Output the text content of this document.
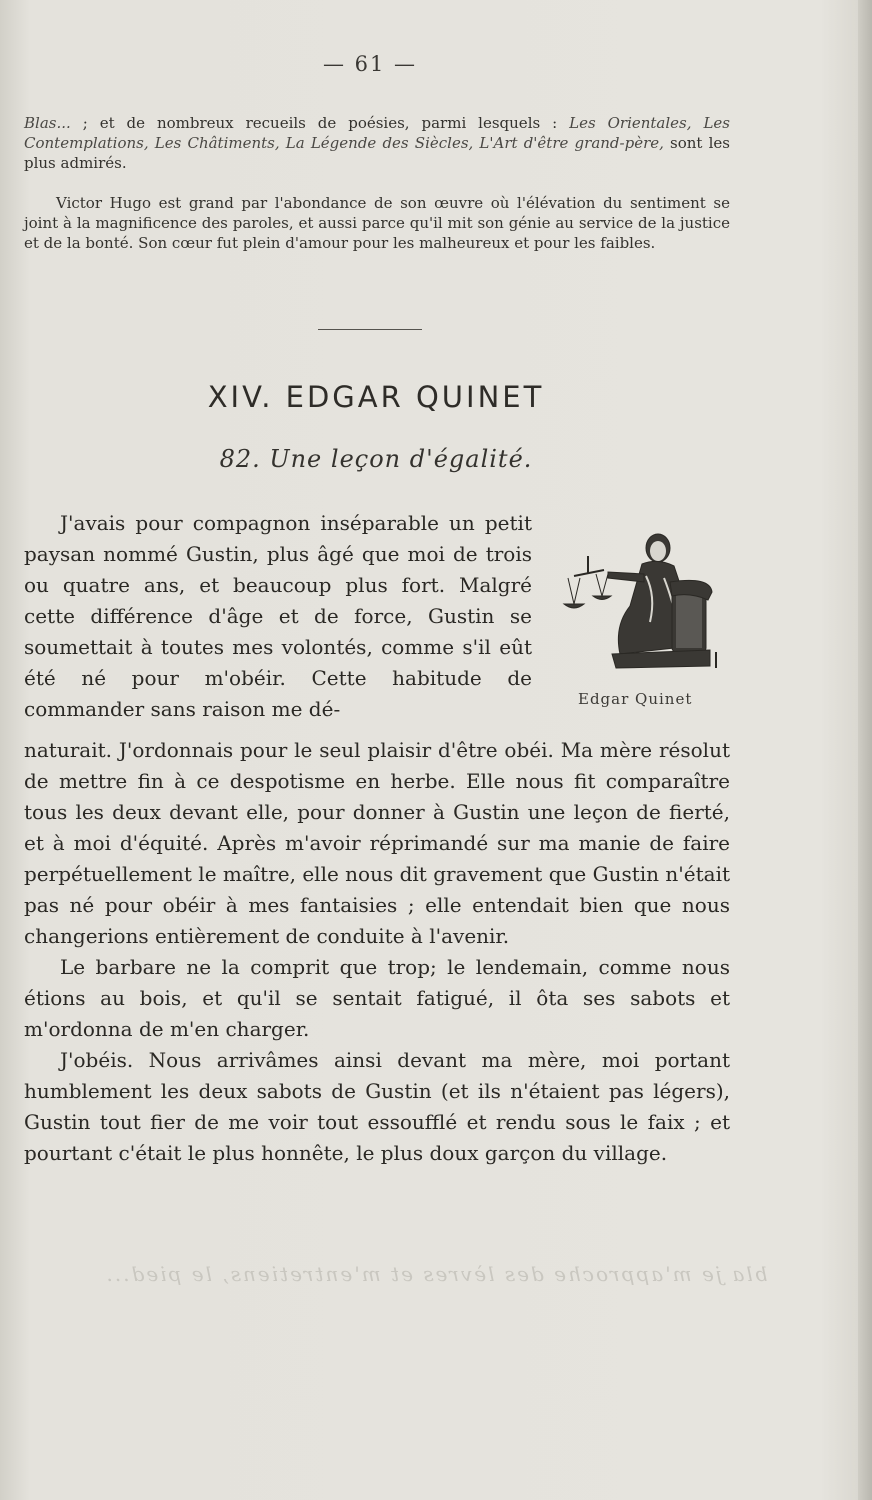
— 61 —
Blas... ; et de nombreux recueils de poésies, parmi lesquels : Les Orientales, Les Contemplations, Les Châtiments, La Légende des Siècles, L'Art d'être grand-père, sont les plus admirés.
Victor Hugo est grand par l'abondance de son œuvre où l'élévation du sentiment se joint à la magnificence des paroles, et aussi parce qu'il mit son génie au service de la justice et de la bonté. Son cœur fut plein d'amour pour les malheureux et pour les faibles.
XIV. EDGAR QUINET
82. Une leçon d'égalité.

J'avais pour compagnon inséparable un petit paysan nommé Gustin, plus âgé que moi de trois ou quatre ans, et beaucoup plus fort. Malgré cette différence d'âge et de force, Gustin se soumettait à toutes mes volontés, comme s'il eût été né pour m'obéir. Cette habitude de commander sans raison me dé-	Edgar Quinet

naturait. J'ordonnais pour le seul plaisir d'être obéi. Ma mère résolut de mettre fin à ce despotisme en herbe. Elle nous fit comparaître tous les deux devant elle, pour donner à Gustin une leçon de fierté, et à moi d'équité. Après m'avoir réprimandé sur ma manie de faire perpétuellement le maître, elle nous dit gravement que Gustin n'était pas né pour obéir à mes fantaisies ; elle entendait bien que nous changerions entièrement de conduite à l'avenir.

Le barbare ne la comprit que trop; le lendemain, comme nous étions au bois, et qu'il se sentait fatigué, il ôta ses sabots et m'ordonna de m'en charger.

J'obéis. Nous arrivâmes ainsi devant ma mère, moi portant humblement les deux sabots de Gustin (et ils n'étaient pas légers), Gustin tout fier de me voir tout essoufflé et rendu sous le faix ; et pourtant c'était le plus honnête, le plus doux garçon du village.

bla je m'approche des lèvres et m'entretiens, le pied...
